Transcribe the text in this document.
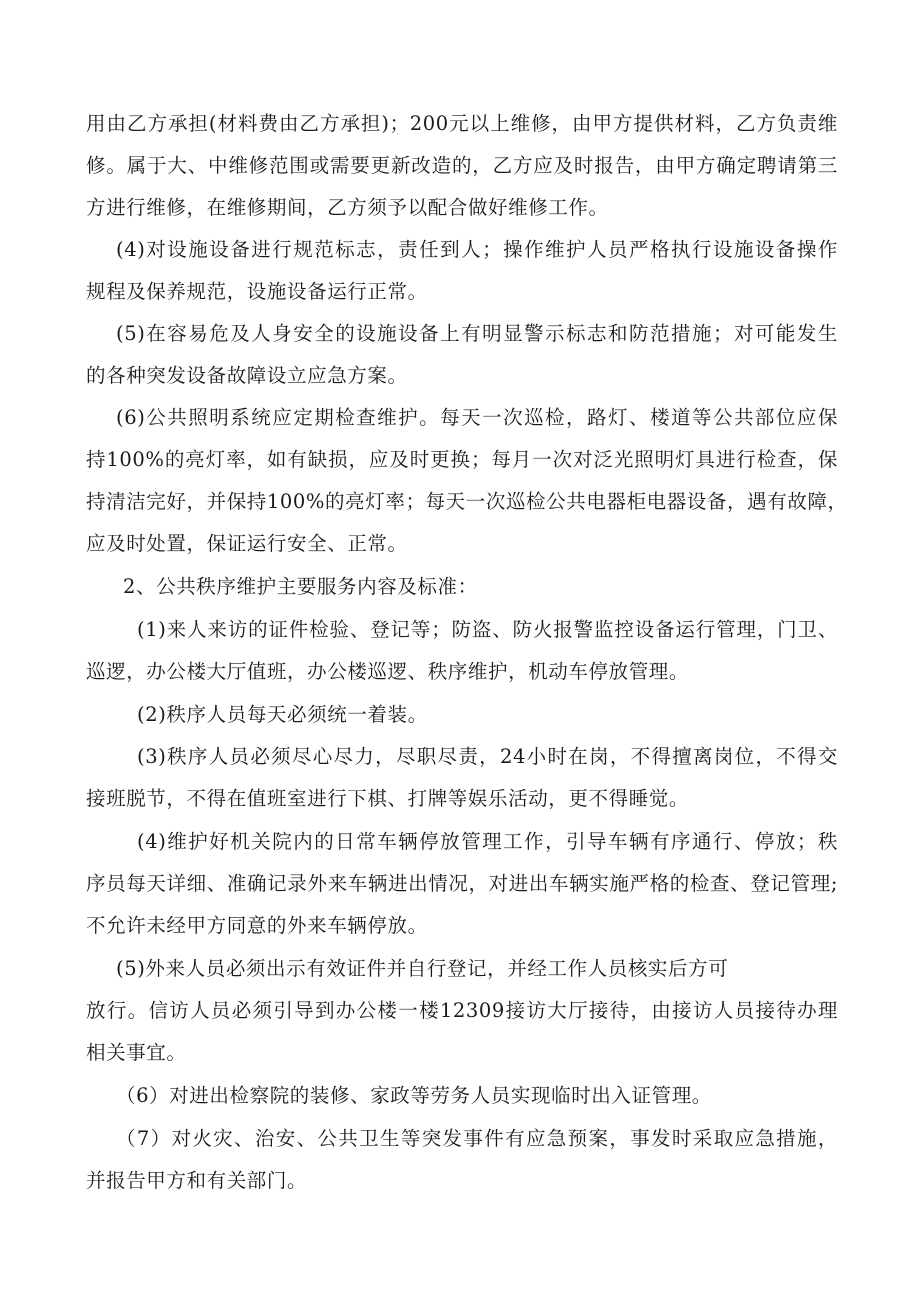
用由乙方承担(材料费由乙方承担)；200元以上维修，由甲方提供材料，乙方负责维
修。属于大、中维修范围或需要更新改造的，乙方应及时报告，由甲方确定聘请第三
方进行维修，在维修期间，乙方须予以配合做好维修工作。
(4)对设施设备进行规范标志，责任到人；操作维护人员严格执行设施设备操作
规程及保养规范，设施设备运行正常。
(5)在容易危及人身安全的设施设备上有明显警示标志和防范措施；对可能发生
的各种突发设备故障设立应急方案。
(6)公共照明系统应定期检查维护。每天一次巡检，路灯、楼道等公共部位应保
持100%的亮灯率，如有缺损，应及时更换；每月一次对泛光照明灯具进行检查，保
持清洁完好，并保持100%的亮灯率；每天一次巡检公共电器柜电器设备，遇有故障，
应及时处置，保证运行安全、正常。
2、公共秩序维护主要服务内容及标准：
(1)来人来访的证件检验、登记等；防盗、防火报警监控设备运行管理，门卫、
巡逻，办公楼大厅值班，办公楼巡逻、秩序维护，机动车停放管理。
(2)秩序人员每天必须统一着装。
(3)秩序人员必须尽心尽力，尽职尽责，24小时在岗，不得擅离岗位，不得交
接班脱节，不得在值班室进行下棋、打牌等娱乐活动，更不得睡觉。
(4)维护好机关院内的日常车辆停放管理工作，引导车辆有序通行、停放；秩
序员每天详细、准确记录外来车辆进出情况，对进出车辆实施严格的检查、登记管理;
不允许未经甲方同意的外来车辆停放。
(5)外来人员必须出示有效证件并自行登记，并经工作人员核实后方可
放行。信访人员必须引导到办公楼一楼12309接访大厅接待，由接访人员接待办理
相关事宜。
（6）对进出检察院的装修、家政等劳务人员实现临时出入证管理。
（7）对火灾、治安、公共卫生等突发事件有应急预案，事发时采取应急措施，
并报告甲方和有关部门。
